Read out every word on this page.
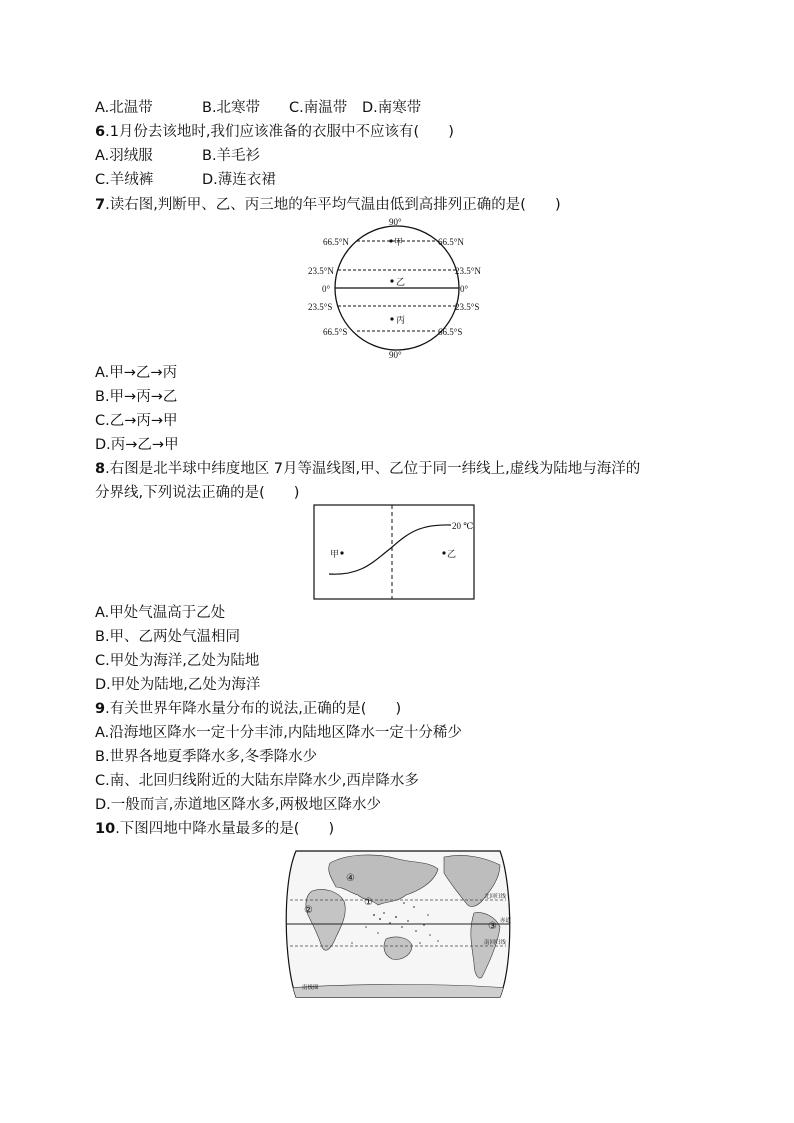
A.北温带	B.北寒带 C.南温带 D.南寒带

6.1月份去该地时,我们应该准备的衣服中不应该有(　　)

A.羽绒服	B.羊毛衫

C.羊绒裤	D.薄连衣裙

7.读右图,判断甲、乙、丙三地的年平均气温由低到高排列正确的是(　　)

90°
90°
66.5°N	66.5°N
23.5°N	23.5°N
0°	0°
23.5°S	23.5°S
66.5°S	66.5°S
甲
乙
丙

A.甲→乙→丙

B.甲→丙→乙

C.乙→丙→甲

D.丙→乙→甲

8.右图是北半球中纬度地区 7月等温线图,甲、乙位于同一纬线上,虚线为陆地与海洋的

分界线,下列说法正确的是(　　)

20 ℃
甲	乙

A.甲处气温高于乙处

B.甲、乙两处气温相同

C.甲处为海洋,乙处为陆地

D.甲处为陆地,乙处为海洋

9.有关世界年降水量分布的说法,正确的是(　　)

A.沿海地区降水一定十分丰沛,内陆地区降水一定十分稀少

B.世界各地夏季降水多,冬季降水少

C.南、北回归线附近的大陆东岸降水少,西岸降水多

D.一般而言,赤道地区降水多,两极地区降水少

10.下图四地中降水量最多的是(　　)

④
②
①
③
北回归线
赤道
南回归线
南极圈
